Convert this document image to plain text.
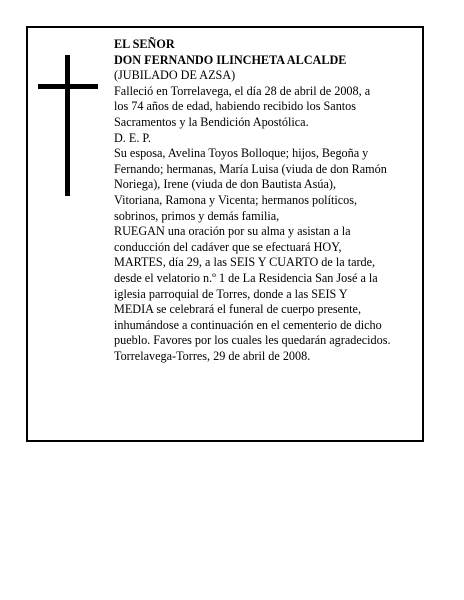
EL SEÑOR
DON FERNANDO ILINCHETA ALCALDE
(JUBILADO DE AZSA)
Falleció en Torrelavega, el día 28 de abril de 2008, a
los 74 años de edad, habiendo recibido los Santos
Sacramentos y la Bendición Apostólica.
D. E. P.
Su esposa, Avelina Toyos Bolloque; hijos, Begoña y
Fernando; hermanas, María Luisa (viuda de don Ramón
Noriega), Irene (viuda de don Bautista Asúa),
Vitoriana, Ramona y Vicenta; hermanos políticos,
sobrinos, primos y demás familia,
RUEGAN una oración por su alma y asistan a la
conducción del cadáver que se efectuará HOY,
MARTES, día 29, a las SEIS Y CUARTO de la tarde,
desde el velatorio n.º 1 de La Residencia San José a la
iglesia parroquial de Torres, donde a las SEIS Y
MEDIA se celebrará el funeral de cuerpo presente,
inhumándose a continuación en el cementerio de dicho
pueblo. Favores por los cuales les quedarán agradecidos.
Torrelavega-Torres, 29 de abril de 2008.
